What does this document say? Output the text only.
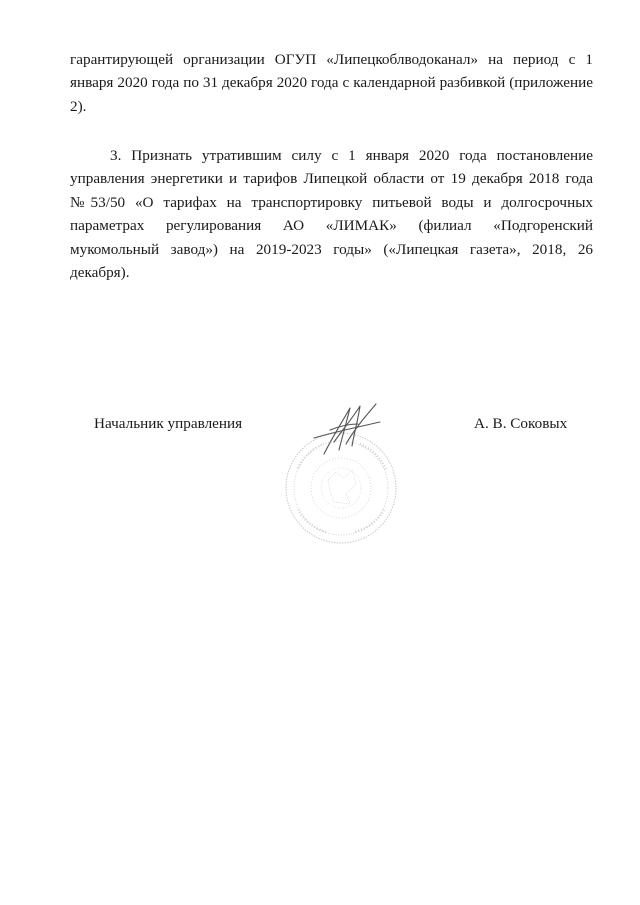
гарантирующей организации ОГУП «Липецкоблводоканал» на период с 1 января 2020 года по 31 декабря 2020 года с календарной разбивкой (приложение 2).

3. Признать утратившим силу с 1 января 2020 года постановление управления энергетики и тарифов Липецкой области от 19 декабря 2018 года №53/50 «О тарифах на транспортировку питьевой воды и долгосрочных параметрах регулирования АО «ЛИМАК» (филиал «Подгоренский мукомольный завод») на 2019-2023 годы» («Липецкая газета», 2018, 26 декабря).

Начальник управления	А. В. Соковых
